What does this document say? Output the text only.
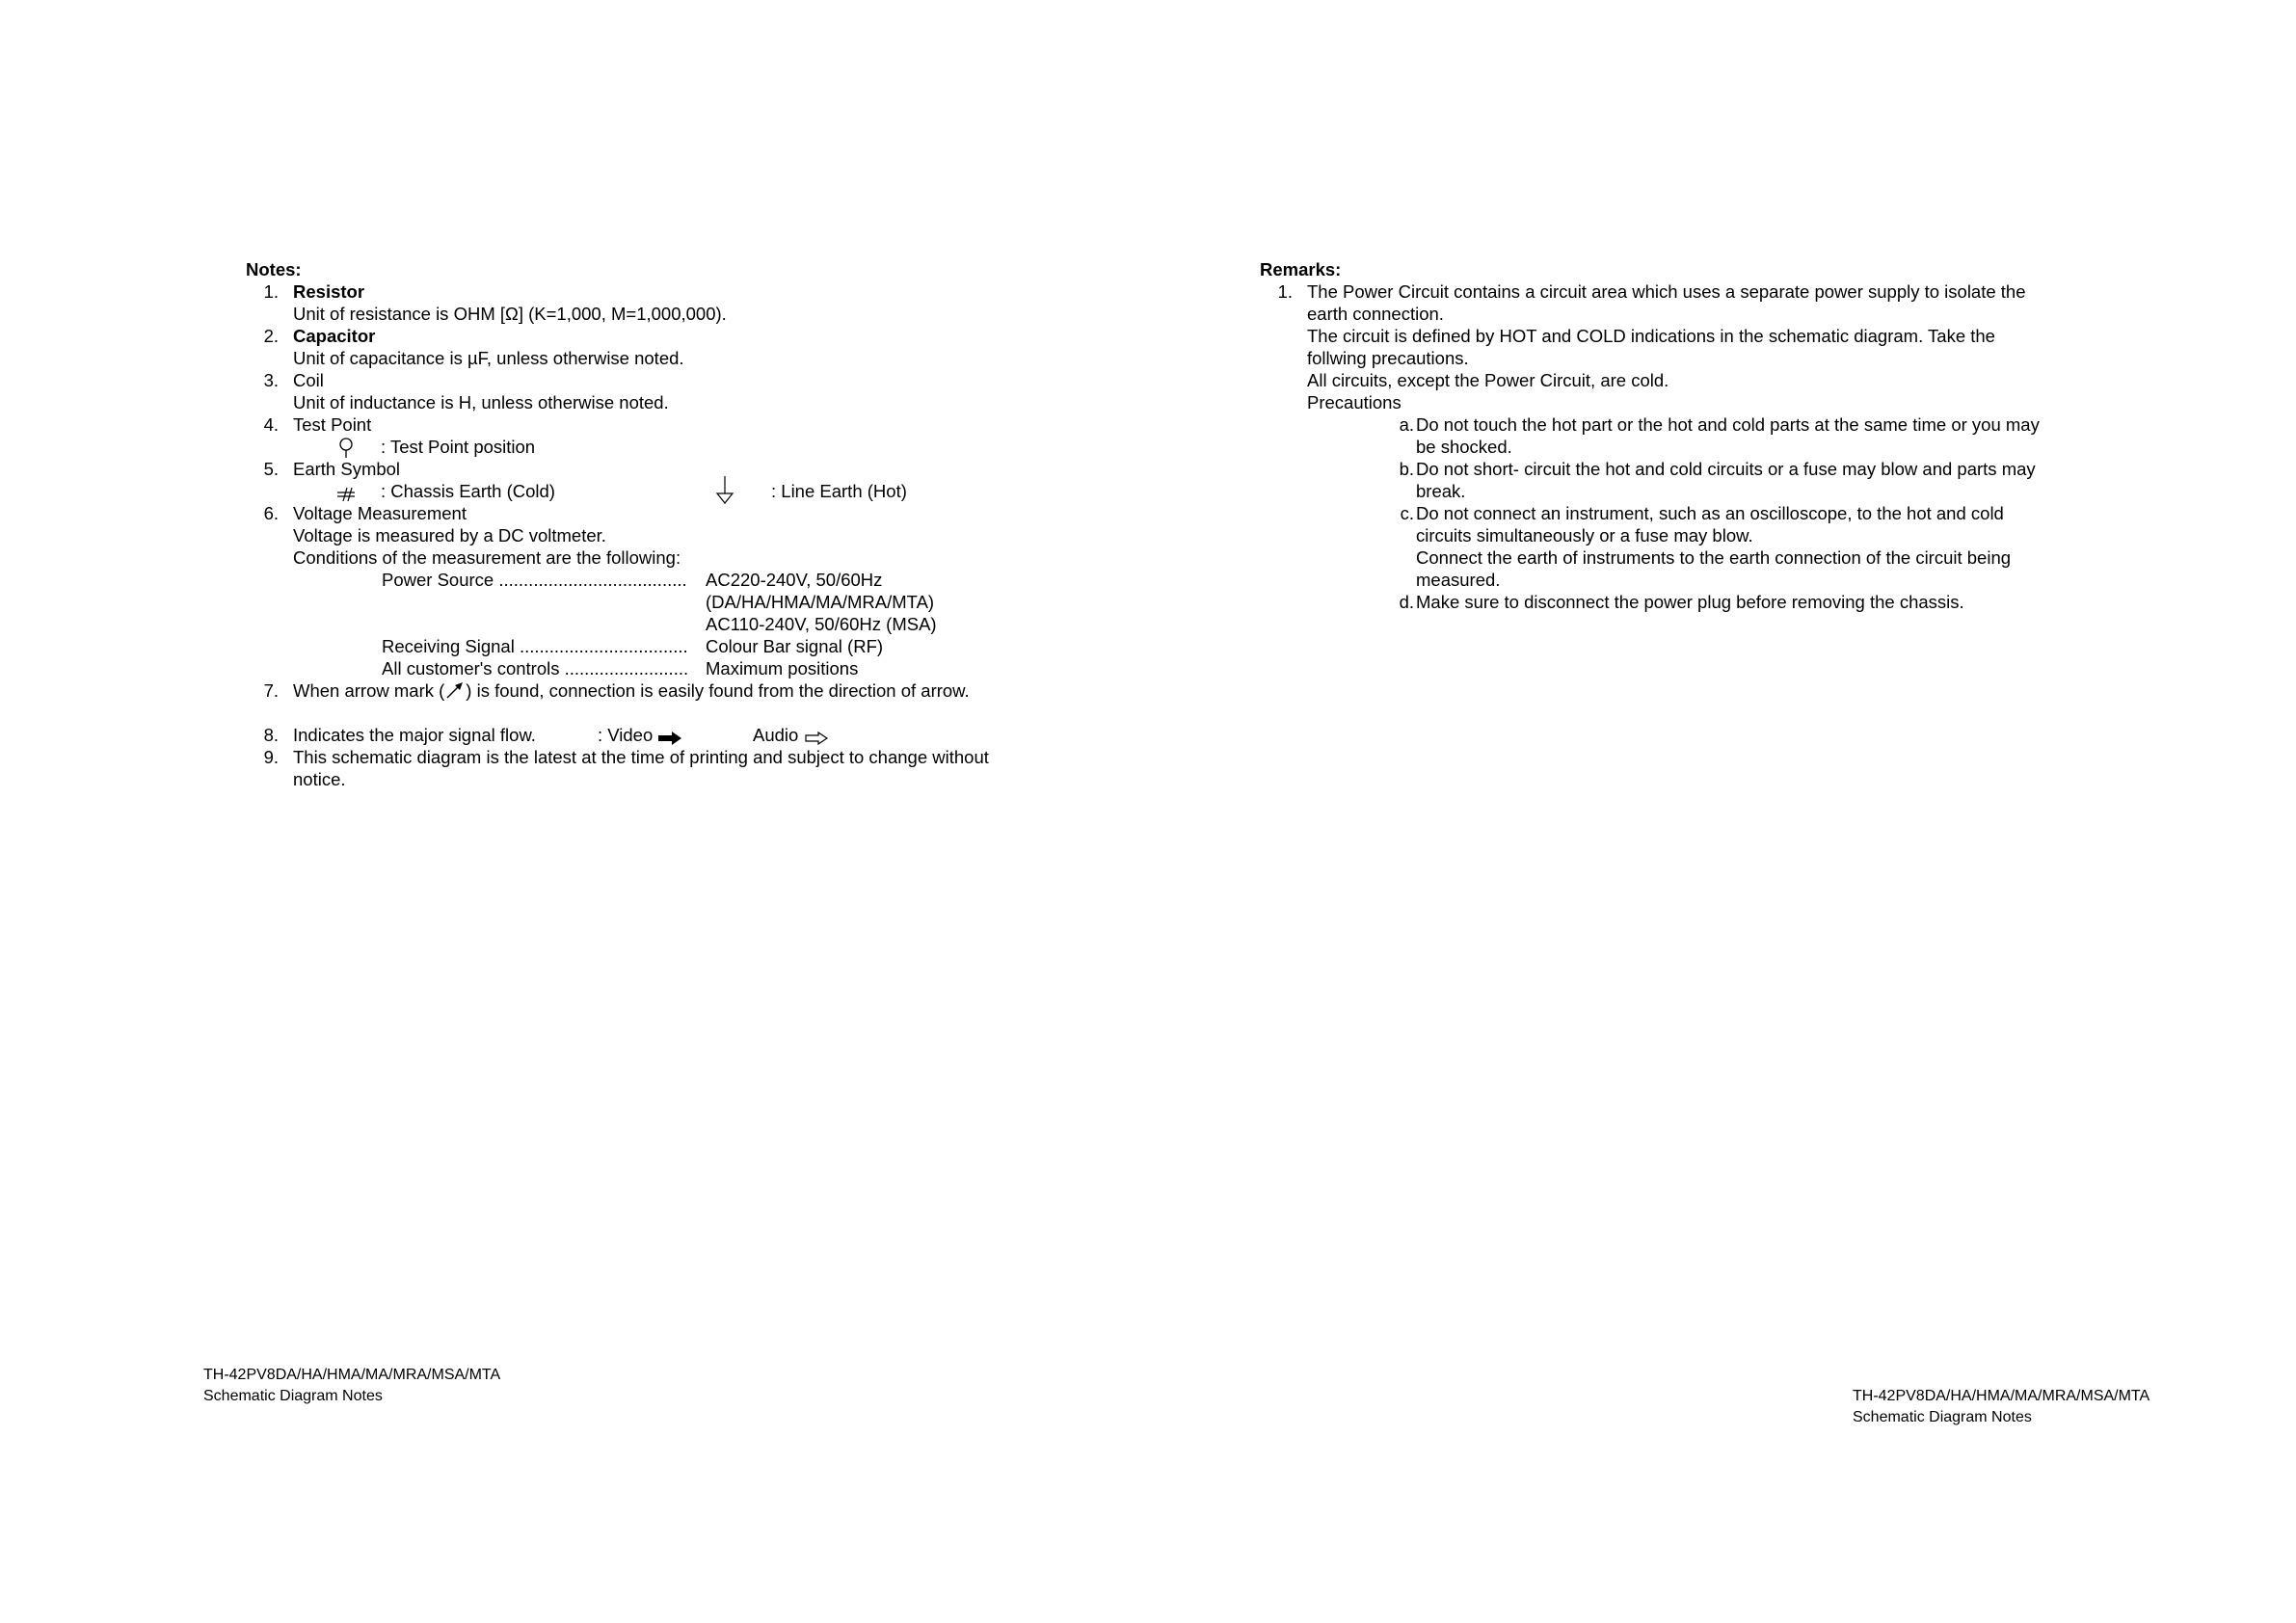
Notes:
1. Resistor
Unit of resistance is OHM [Ω] (K=1,000, M=1,000,000).
2. Capacitor
Unit of capacitance is µF, unless otherwise noted.
3. Coil
Unit of inductance is H, unless otherwise noted.
4. Test Point
: Test Point position
5. Earth Symbol
: Chassis Earth (Cold)	: Line Earth (Hot)
6. Voltage Measurement
Voltage is measured by a DC voltmeter.
Conditions of the measurement are the following:
Power Source ...................................... AC220-240V, 50/60Hz
(DA/HA/HMA/MA/MRA/MTA)
AC110-240V, 50/60Hz (MSA)
Receiving Signal .................................. Colour Bar signal (RF)
All customer's controls ......................... Maximum positions
7. When arrow mark ( ) is found, connection is easily found from the direction of arrow.
8. Indicates the major signal flow.	: Video	Audio
9. This schematic diagram is the latest at the time of printing and subject to change without
notice.
Remarks:
1. The Power Circuit contains a circuit area which uses a separate power supply to isolate the
earth connection.
The circuit is defined by HOT and COLD indications in the schematic diagram. Take the
follwing precautions.
All circuits, except the Power Circuit, are cold.
Precautions
a. Do not touch the hot part or the hot and cold parts at the same time or you may
be shocked.
b. Do not short- circuit the hot and cold circuits or a fuse may blow and parts may
break.
c. Do not connect an instrument, such as an oscilloscope, to the hot and cold
circuits simultaneously or a fuse may blow.
Connect the earth of instruments to the earth connection of the circuit being
measured.
d. Make sure to disconnect the power plug before removing the chassis.
TH-42PV8DA/HA/HMA/MA/MRA/MSA/MTA
Schematic Diagram Notes	TH-42PV8DA/HA/HMA/MA/MRA/MSA/MTA
Schematic Diagram Notes
